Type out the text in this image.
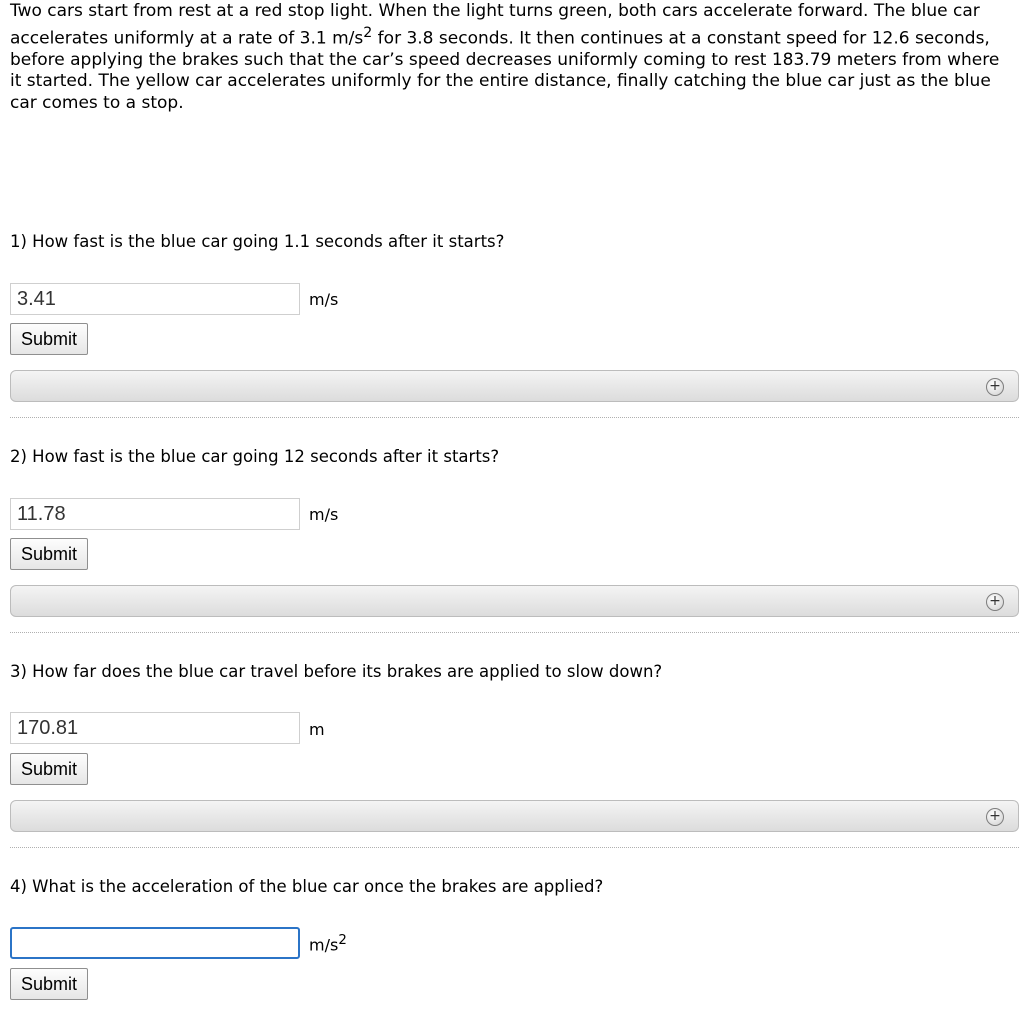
Two cars start from rest at a red stop light. When the light turns green, both cars accelerate forward. The blue car accelerates uniformly at a rate of 3.1 $m/s^2$ for 3.8 seconds. It then continues at a constant speed for 12.6 seconds, before applying the brakes such that the car’s speed decreases uniformly coming to rest 183.79 meters from where it started. The yellow car accelerates uniformly for the entire distance, finally catching the blue car just as the blue car comes to a stop.

1) How fast is the blue car going 1.1 seconds after it starts?

3.41
m/s
Submit
+

2) How fast is the blue car going 12 seconds after it starts?

11.78
m/s
Submit
+

3) How far does the blue car travel before its brakes are applied to slow down?

170.81
m
Submit
+

4) What is the acceleration of the blue car once the brakes are applied?

$m/s^2$
Submit
